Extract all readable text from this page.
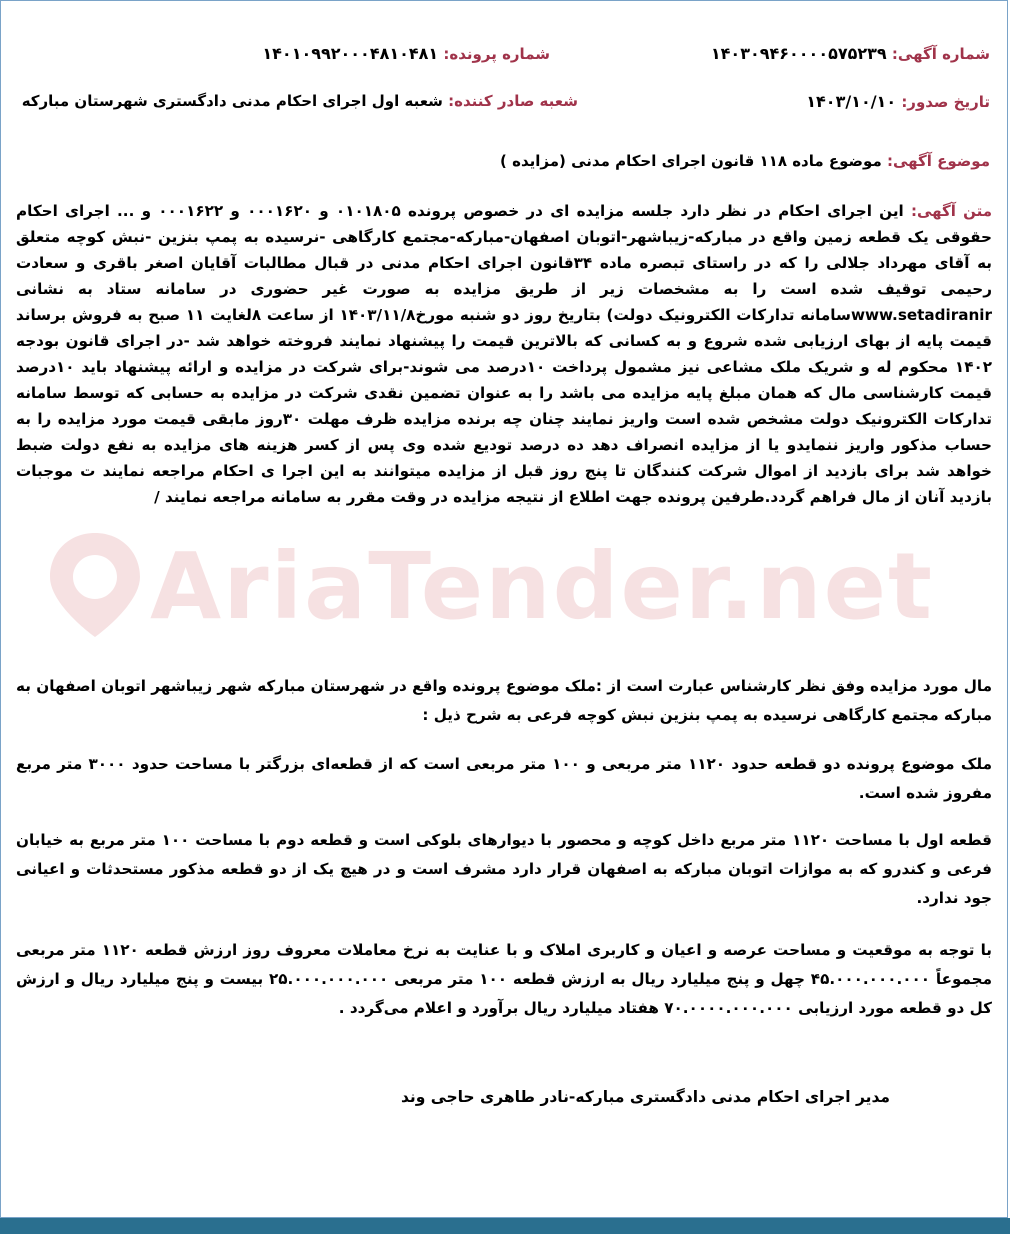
AriaTender.net
شماره آگهی: ۱۴۰۳۰۹۴۶۰۰۰۰۵۷۵۲۳۹
شماره پرونده: ۱۴۰۱۰۹۹۲۰۰۰۴۸۱۰۴۸۱
تاریخ صدور: ۱۴۰۳/۱۰/۱۰
شعبه صادر کننده: شعبه اول اجرای احکام مدنی دادگستری شهرستان مبارکه
موضوع آگهی: موضوع ماده ۱۱۸ قانون اجرای احکام مدنی (مزایده )
متن آگهی: این اجرای احکام در نظر دارد جلسه مزایده ای در خصوص پرونده ۰۱۰۱۸۰۵ و ۰۰۰۱۶۲۰ و ۰۰۰۱۶۲۲ و ... اجرای احکام حقوقی یک قطعه زمین واقع در مبارکه-زیباشهر-اتوبان اصفهان-مبارکه-مجتمع کارگاهی -نرسیده به پمپ بنزین -نبش کوچه متعلق به آقای مهرداد جلالی را که در راستای تبصره ماده ۳۴قانون اجرای احکام مدنی در قبال مطالبات آقایان اصغر باقری و سعادت رحیمی توقیف شده است را به مشخصات زیر از طریق مزایده به صورت غیر حضوری در سامانه ستاد به نشانی www.setadiranirسامانه تدارکات الکترونیک دولت) بتاریخ روز دو شنبه مورخ۱۴۰۳/۱۱/۸ از ساعت ۸لغایت ۱۱ صبح به فروش برساند قیمت پایه از بهای ارزیابی شده شروع و به کسانی که بالاترین قیمت را پیشنهاد نمایند فروخته خواهد شد -در اجرای قانون بودجه ۱۴۰۲ محکوم له و شریک ملک مشاعی نیز مشمول پرداخت ۱۰درصد می شوند-برای شرکت در مزایده و ارائه پیشنهاد باید ۱۰درصد قیمت کارشناسی مال که همان مبلغ پایه مزایده می باشد را به عنوان تضمین نقدی شرکت در مزایده به حسابی که توسط سامانه تدارکات الکترونیک دولت مشخص شده است واریز نمایند چنان چه برنده مزایده ظرف مهلت ۳۰روز مابقی قیمت مورد مزایده را به حساب مذکور واریز ننمایدو یا از مزایده انصراف دهد ده درصد توديع شده وی پس از کسر هزینه های مزایده به نفع دولت ضبط خواهد شد برای بازدید از اموال شرکت کنندگان تا پنج روز قبل از مزایده میتوانند به این اجرا ی احکام مراجعه نمایند ت موجبات بازدید آنان از مال فراهم گردد.طرفین پرونده جهت اطلاع از نتیجه مزایده در وقت مقرر به سامانه مراجعه نمایند /
مال مورد مزایده وفق نظر کارشناس عبارت است از :ملک موضوع پرونده واقع در شهرستان مبارکه شهر زیباشهر اتوبان اصفهان به مبارکه مجتمع کارگاهی نرسیده به پمپ بنزین نبش کوچه فرعی به شرح ذیل :
ملک موضوع پرونده دو قطعه حدود ۱۱۲۰ متر مربعی و ۱۰۰ متر مربعی است که از قطعه‌ای بزرگتر با مساحت حدود ۳۰۰۰ متر مربع مفروز شده است.
قطعه اول با مساحت ۱۱۲۰ متر مربع داخل کوچه و محصور با دیوارهای بلوکی است و قطعه دوم با مساحت ۱۰۰ متر مربع به خیابان فرعی و کندرو که به موازات اتوبان مبارکه به اصفهان قرار دارد مشرف است و در هیچ یک از دو قطعه مذکور مستحدثات و اعیانی جود ندارد.
با توجه به موقعیت و مساحت عرصه و اعیان و کاربری املاک و با عنایت به نرخ معاملات معروف روز ارزش قطعه ۱۱۲۰ متر مربعی مجموعاً ۴۵.۰۰۰.۰۰۰.۰۰۰ چهل و پنج میلیارد ریال به ارزش قطعه ۱۰۰ متر مربعی ۲۵.۰۰۰.۰۰۰.۰۰۰ بیست و پنج میلیارد ریال و ارزش کل دو قطعه مورد ارزیابی ۷۰.۰۰۰۰.۰۰۰.۰۰۰ هفتاد میلیارد ریال برآورد و اعلام می‌گردد .
مدیر اجرای احکام مدنی دادگستری مبارکه-نادر طاهری حاجی وند
